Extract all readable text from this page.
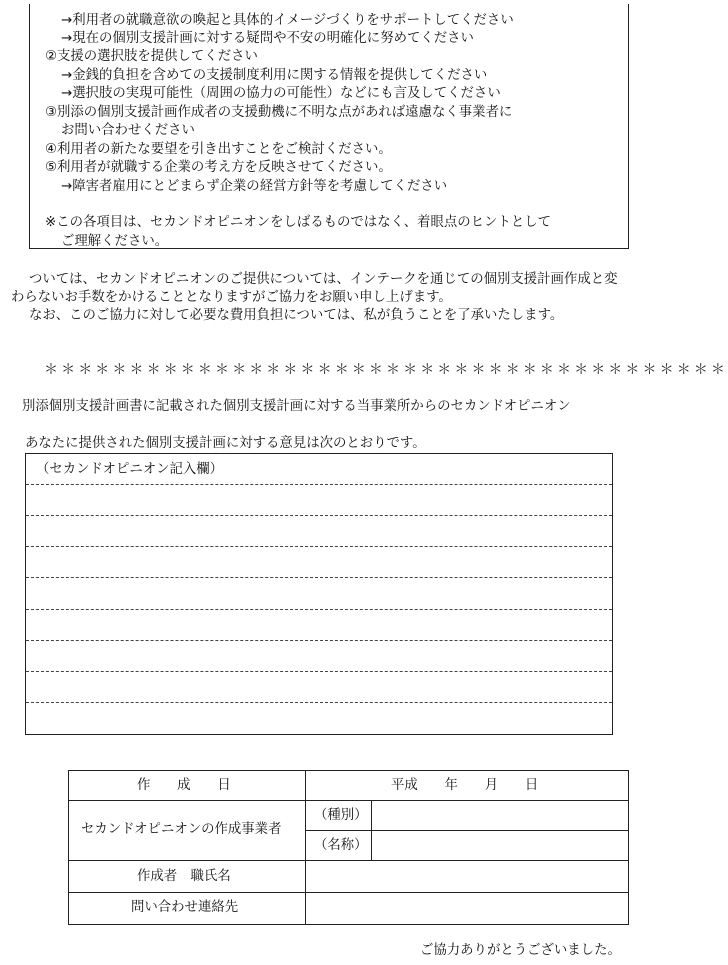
→利用者の就職意欲の喚起と具体的イメージづくりをサポートしてください
→現在の個別支援計画に対する疑問や不安の明確化に努めてください
②支援の選択肢を提供してください
→金銭的負担を含めての支援制度利用に関する情報を提供してください
→選択肢の実現可能性（周囲の協力の可能性）などにも言及してください
③別添の個別支援計画作成者の支援動機に不明な点があれば遠慮なく事業者に
お問い合わせください
④利用者の新たな要望を引き出すことをご検討ください。
⑤利用者が就職する企業の考え方を反映させてください。
→障害者雇用にとどまらず企業の経営方針等を考慮してください
※この各項目は、セカンドオピニオンをしばるものではなく、着眼点のヒントとして
ご理解ください。
ついては、セカンドオピニオンのご提供については、インテークを通じての個別支援計画作成と変
わらないお手数をかけることとなりますがご協力をお願い申し上げます。
なお、このご協力に対して必要な費用負担については、私が負うことを了承いたします。
＊＊＊＊＊＊＊＊＊＊＊＊＊＊＊＊＊＊＊＊＊＊＊＊＊＊＊＊＊＊＊＊＊＊＊＊＊＊＊＊
別添個別支援計画書に記載された個別支援計画に対する当事業所からのセカンドオピニオン
あなたに提供された個別支援計画に対する意見は次のとおりです。
（セカンドオピニオン記入欄）
作　　成　　日	平成　　年　　月　　日
セカンドオピニオンの作成事業者
（種別）
（名称）
作成者　職氏名
問い合わせ連絡先
ご協力ありがとうございました。
